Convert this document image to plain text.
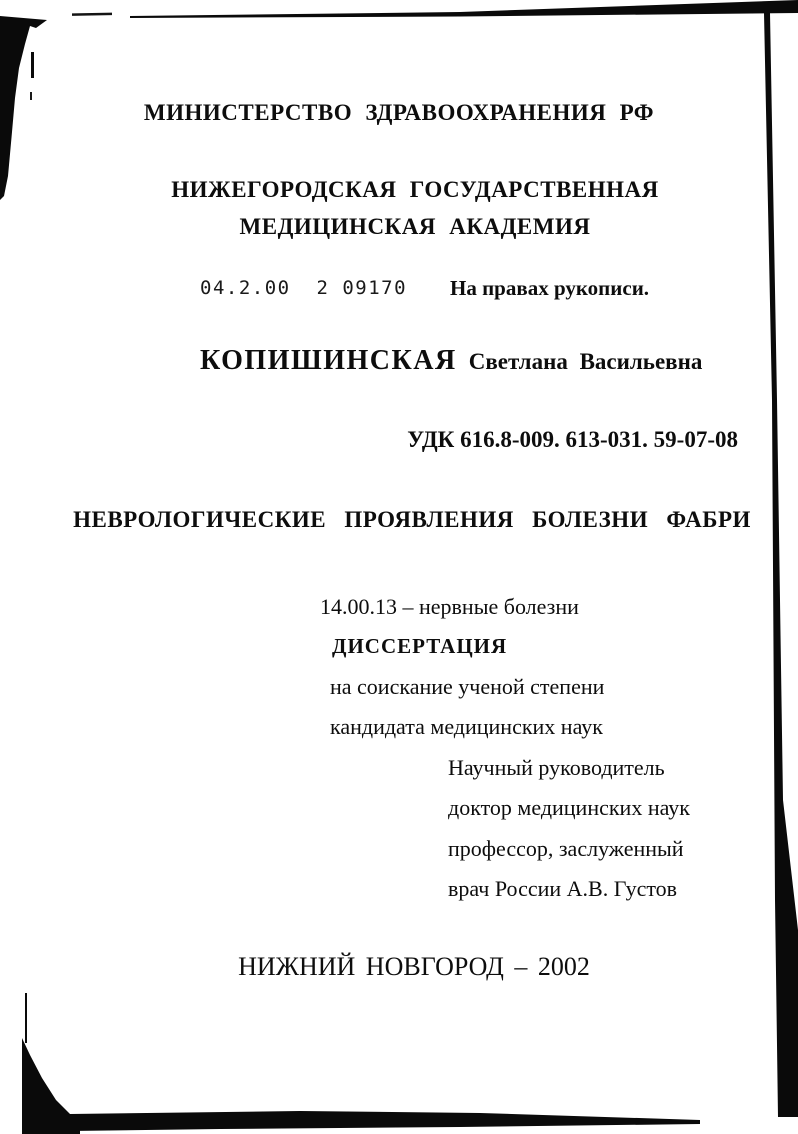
МИНИСТЕРСТВО ЗДРАВООХРАНЕНИЯ РФ
НИЖЕГОРОДСКАЯ ГОСУДАРСТВЕННАЯ
МЕДИЦИНСКАЯ АКАДЕМИЯ
04.2.00  2 09170 На правах рукописи.
КОПИШИНСКАЯ Светлана Васильевна
УДК 616.8-009. 613-031. 59-07-08
НЕВРОЛОГИЧЕСКИЕ ПРОЯВЛЕНИЯ БОЛЕЗНИ ФАБРИ
14.00.13 – нервные болезни
ДИССЕРТАЦИЯ
на соискание ученой степени
кандидата медицинских наук
Научный руководитель
доктор медицинских наук
профессор, заслуженный
врач России А.В. Густов
НИЖНИЙ НОВГОРОД – 2002
